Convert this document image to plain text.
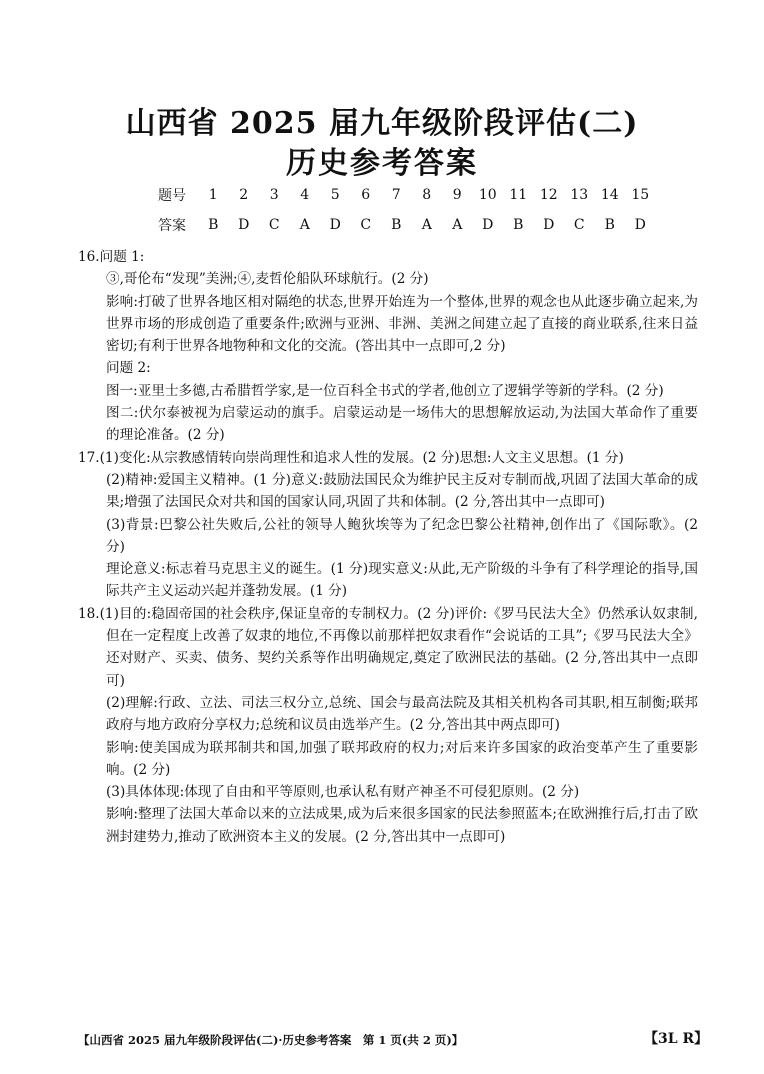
山西省 2025 届九年级阶段评估(二)
历史参考答案
题号	1	2	3	4	5	6	7	8	9	10	11	12	13	14	15
答案	B	D	C	A	D	C	B	A	A	D	B	D	C	B	D

16.问题 1:

③,哥伦布“发现”美洲;④,麦哲伦船队环球航行。(2 分)

影响:打破了世界各地区相对隔绝的状态,世界开始连为一个整体,世界的观念也从此逐步确立起来,为世界市场的形成创造了重要条件;欧洲与亚洲、非洲、美洲之间建立起了直接的商业联系,往来日益密切;有利于世界各地物种和文化的交流。(答出其中一点即可,2 分)

问题 2:

图一:亚里士多德,古希腊哲学家,是一位百科全书式的学者,他创立了逻辑学等新的学科。(2 分)

图二:伏尔泰被视为启蒙运动的旗手。启蒙运动是一场伟大的思想解放运动,为法国大革命作了重要的理论准备。(2 分)

17.(1)变化:从宗教感情转向崇尚理性和追求人性的发展。(2 分)思想:人文主义思想。(1 分)

(2)精神:爱国主义精神。(1 分)意义:鼓励法国民众为维护民主反对专制而战,巩固了法国大革命的成果;增强了法国民众对共和国的国家认同,巩固了共和体制。(2 分,答出其中一点即可)

(3)背景:巴黎公社失败后,公社的领导人鲍狄埃等为了纪念巴黎公社精神,创作出了《国际歌》。(2 分)

理论意义:标志着马克思主义的诞生。(1 分)现实意义:从此,无产阶级的斗争有了科学理论的指导,国际共产主义运动兴起并蓬勃发展。(1 分)

18.(1)目的:稳固帝国的社会秩序,保证皇帝的专制权力。(2 分)评价:《罗马民法大全》仍然承认奴隶制,但在一定程度上改善了奴隶的地位,不再像以前那样把奴隶看作“会说话的工具”;《罗马民法大全》还对财产、买卖、债务、契约关系等作出明确规定,奠定了欧洲民法的基础。(2 分,答出其中一点即可)

(2)理解:行政、立法、司法三权分立,总统、国会与最高法院及其相关机构各司其职,相互制衡;联邦政府与地方政府分享权力;总统和议员由选举产生。(2 分,答出其中两点即可)

影响:使美国成为联邦制共和国,加强了联邦政府的权力;对后来许多国家的政治变革产生了重要影响。(2 分)

(3)具体体现:体现了自由和平等原则,也承认私有财产神圣不可侵犯原则。(2 分)

影响:整理了法国大革命以来的立法成果,成为后来很多国家的民法参照蓝本;在欧洲推行后,打击了欧洲封建势力,推动了欧洲资本主义的发展。(2 分,答出其中一点即可)

【山西省 2025 届九年级阶段评估(二)·历史参考答案　第 1 页(共 2 页)】	【3L R】
